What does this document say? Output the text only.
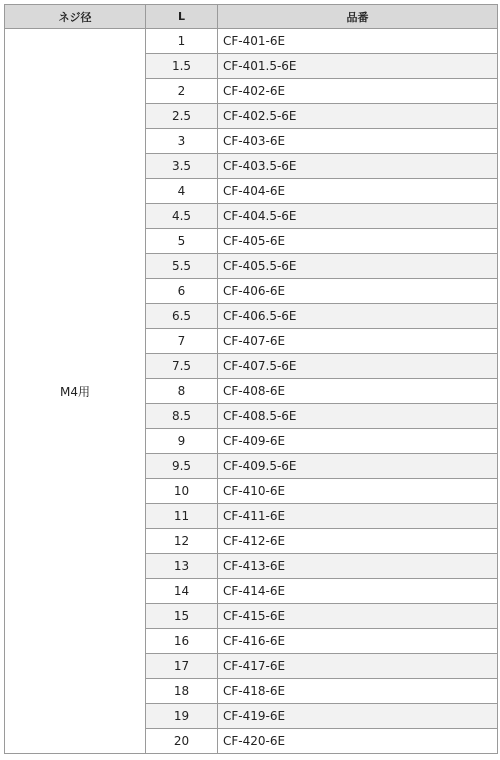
ネジ径	L	品番
M4用	1	CF-401-6E
	1.5	CF-401.5-6E
	2	CF-402-6E
	2.5	CF-402.5-6E
	3	CF-403-6E
	3.5	CF-403.5-6E
	4	CF-404-6E
	4.5	CF-404.5-6E
	5	CF-405-6E
	5.5	CF-405.5-6E
	6	CF-406-6E
	6.5	CF-406.5-6E
	7	CF-407-6E
	7.5	CF-407.5-6E
	8	CF-408-6E
	8.5	CF-408.5-6E
	9	CF-409-6E
	9.5	CF-409.5-6E
	10	CF-410-6E
	11	CF-411-6E
	12	CF-412-6E
	13	CF-413-6E
	14	CF-414-6E
	15	CF-415-6E
	16	CF-416-6E
	17	CF-417-6E
	18	CF-418-6E
	19	CF-419-6E
	20	CF-420-6E
